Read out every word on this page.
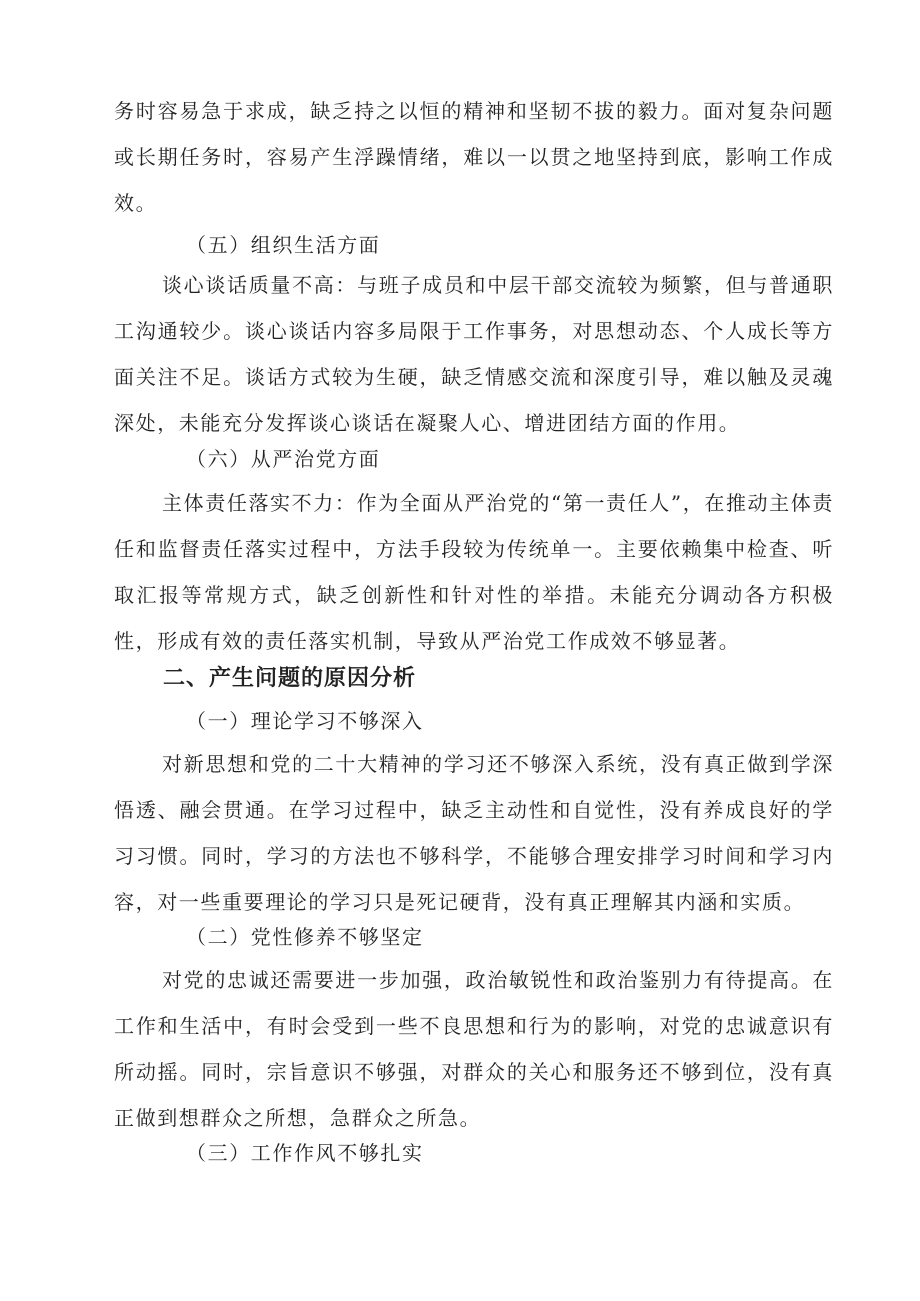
务时容易急于求成，缺乏持之以恒的精神和坚韧不拔的毅力。面对复杂问题或长期任务时，容易产生浮躁情绪，难以一以贯之地坚持到底，影响工作成效。

（五）组织生活方面

谈心谈话质量不高：与班子成员和中层干部交流较为频繁，但与普通职工沟通较少。谈心谈话内容多局限于工作事务，对思想动态、个人成长等方面关注不足。谈话方式较为生硬，缺乏情感交流和深度引导，难以触及灵魂深处，未能充分发挥谈心谈话在凝聚人心、增进团结方面的作用。

（六）从严治党方面

主体责任落实不力：作为全面从严治党的“第一责任人”，在推动主体责任和监督责任落实过程中，方法手段较为传统单一。主要依赖集中检查、听取汇报等常规方式，缺乏创新性和针对性的举措。未能充分调动各方积极性，形成有效的责任落实机制，导致从严治党工作成效不够显著。

二、产生问题的原因分析

（一）理论学习不够深入

对新思想和党的二十大精神的学习还不够深入系统，没有真正做到学深悟透、融会贯通。在学习过程中，缺乏主动性和自觉性，没有养成良好的学习习惯。同时，学习的方法也不够科学，不能够合理安排学习时间和学习内容，对一些重要理论的学习只是死记硬背，没有真正理解其内涵和实质。

（二）党性修养不够坚定

对党的忠诚还需要进一步加强，政治敏锐性和政治鉴别力有待提高。在工作和生活中，有时会受到一些不良思想和行为的影响，对党的忠诚意识有所动摇。同时，宗旨意识不够强，对群众的关心和服务还不够到位，没有真正做到想群众之所想，急群众之所急。

（三）工作作风不够扎实
